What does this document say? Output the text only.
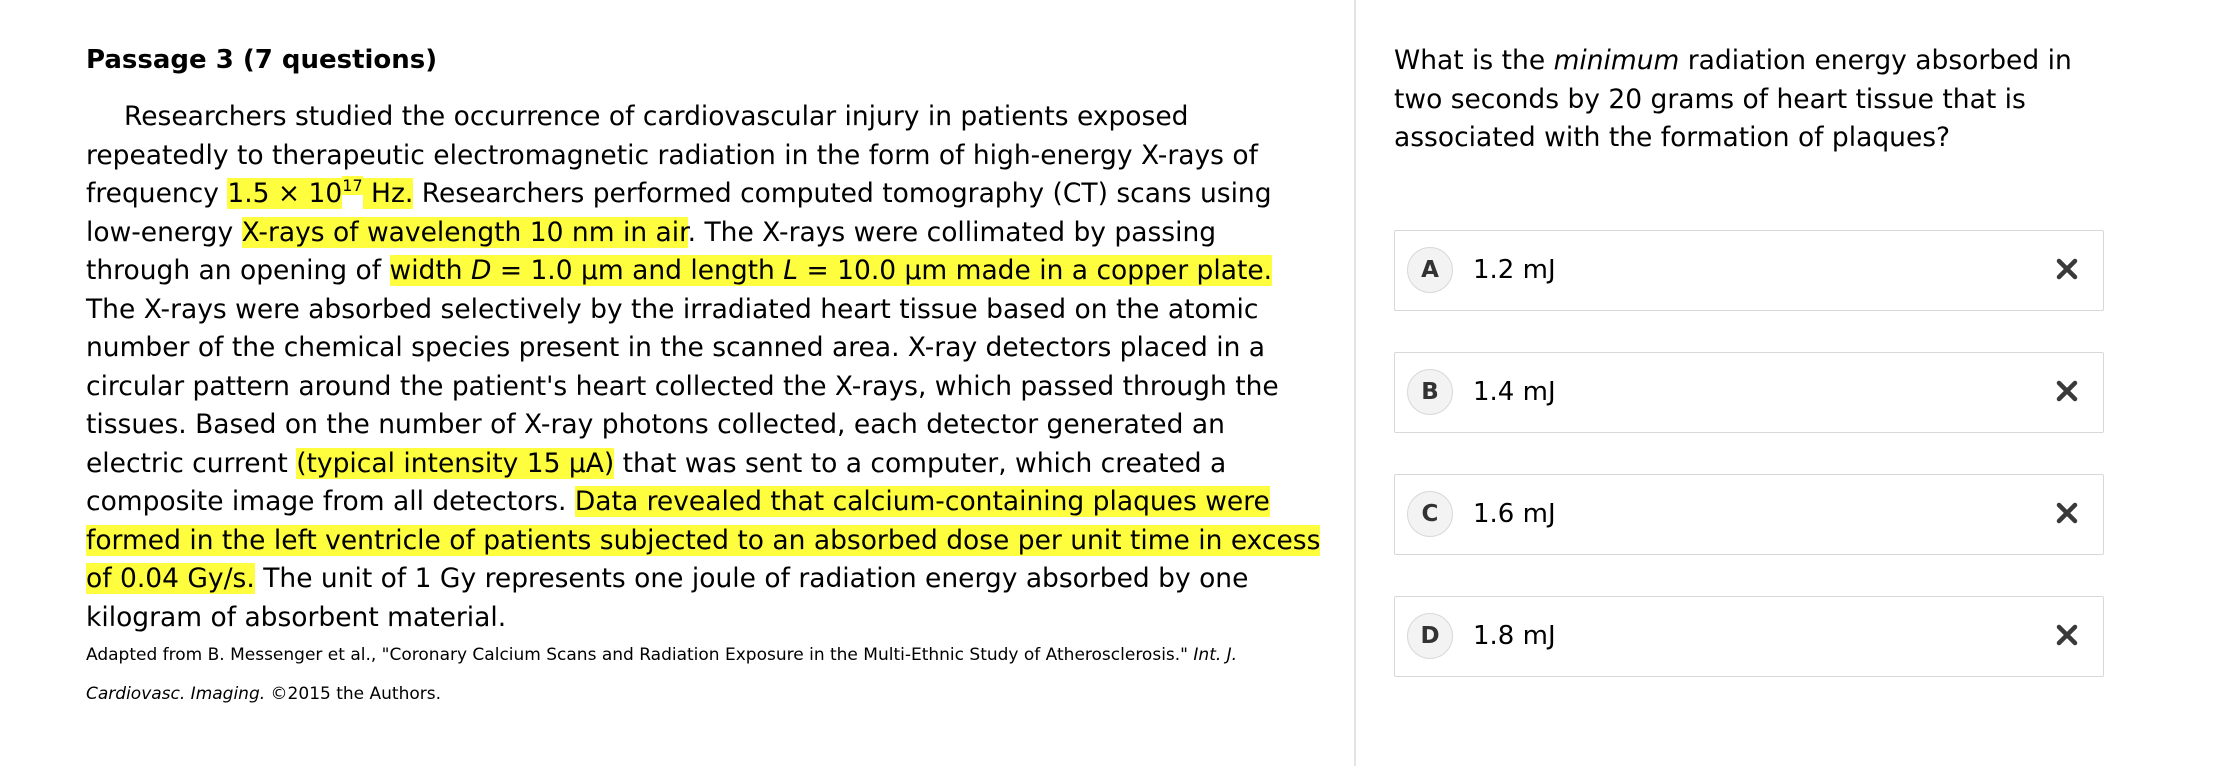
Passage 3 (7 questions)

Researchers studied the occurrence of cardiovascular injury in patients exposed repeatedly to therapeutic electromagnetic radiation in the form of high-energy X-rays of frequency $1.5 \times 10^{17}$ Hz. Researchers performed computed tomography (CT) scans using low-energy X-rays of wavelength 10 nm in air. The X-rays were collimated by passing through an opening of width D = 1.0 µm and length L = 10.0 µm made in a copper plate. The X-rays were absorbed selectively by the irradiated heart tissue based on the atomic number of the chemical species present in the scanned area. X-ray detectors placed in a circular pattern around the patient's heart collected the X-rays, which passed through the tissues. Based on the number of X-ray photons collected, each detector generated an electric current (typical intensity 15 µA) that was sent to a computer, which created a composite image from all detectors. Data revealed that calcium-containing plaques were formed in the left ventricle of patients subjected to an absorbed dose per unit time in excess of 0.04 Gy/s. The unit of 1 Gy represents one joule of radiation energy absorbed by one kilogram of absorbent material.

Adapted from B. Messenger et al., "Coronary Calcium Scans and Radiation Exposure in the Multi-Ethnic Study of Atherosclerosis." Int. J. Cardiovasc. Imaging. ©2015 the Authors.
What is the minimum radiation energy absorbed in two seconds by 20 grams of heart tissue that is associated with the formation of plaques?
A	1.2 mJ
B	1.4 mJ
C	1.6 mJ
D	1.8 mJ
